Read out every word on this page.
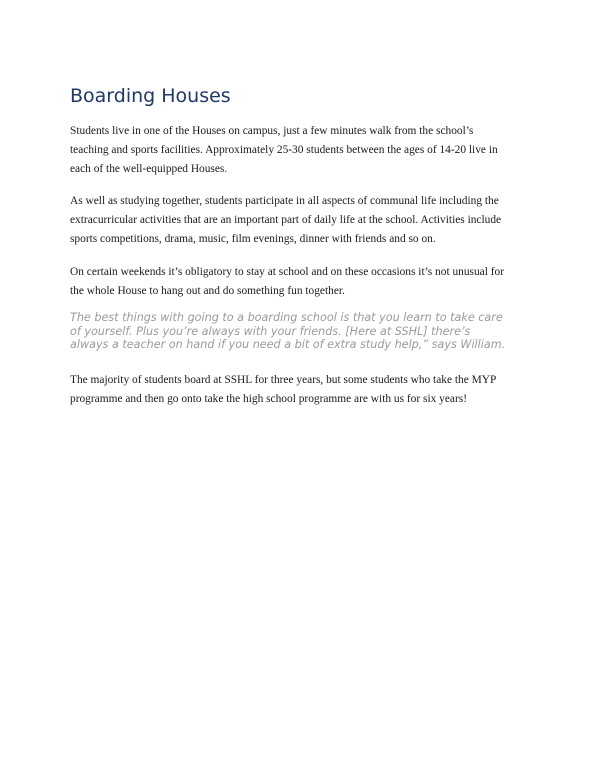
Boarding Houses

Students live in one of the Houses on campus, just a few minutes walk from the school’s
teaching and sports facilities. Approximately 25-30 students between the ages of 14-20 live in
each of the well-equipped Houses.

As well as studying together, students participate in all aspects of communal life including the
extracurricular activities that are an important part of daily life at the school. Activities include
sports competitions, drama, music, film evenings, dinner with friends and so on.

On certain weekends it’s obligatory to stay at school and on these occasions it’s not unusual for
the whole House to hang out and do something fun together.

The best things with going to a boarding school is that you learn to take care
of yourself. Plus you’re always with your friends. [Here at SSHL] there’s
always a teacher on hand if you need a bit of extra study help,” says William.

The majority of students board at SSHL for three years, but some students who take the MYP
programme and then go onto take the high school programme are with us for six years!
